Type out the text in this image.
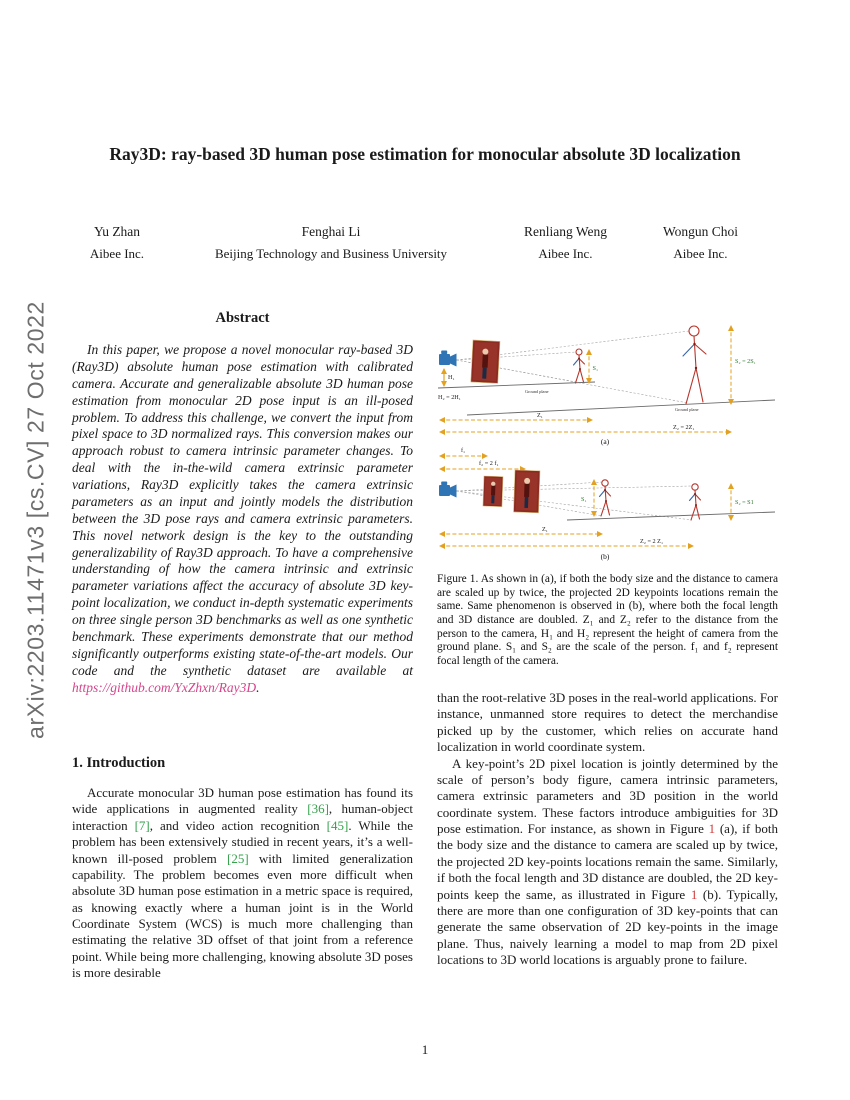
arXiv:2203.11471v3 [cs.CV] 27 Oct 2022
Ray3D: ray-based 3D human pose estimation for monocular absolute 3D localization
Yu Zhan
Aibee Inc.
Fenghai Li
Beijing Technology and Business University
Renliang Weng
Aibee Inc.
Wongun Choi
Aibee Inc.
Abstract

In this paper, we propose a novel monocular ray-based 3D (Ray3D) absolute human pose estimation with calibrated camera. Accurate and generalizable absolute 3D human pose estimation from monocular 2D pose input is an ill-posed problem. To address this challenge, we convert the input from pixel space to 3D normalized rays. This conversion makes our approach robust to camera intrinsic parameter changes. To deal with the in-the-wild camera extrinsic parameter variations, Ray3D explicitly takes the camera extrinsic parameters as an input and jointly models the distribution between the 3D pose rays and camera extrinsic parameters. This novel network design is the key to the outstanding generalizability of Ray3D approach. To have a comprehensive understanding of how the camera intrinsic and extrinsic parameter variations affect the accuracy of absolute 3D key-point localization, we conduct in-depth systematic experiments on three single person 3D benchmarks as well as one synthetic benchmark. These experiments demonstrate that our method significantly outperforms existing state-of-the-art models. Our code and the synthetic dataset are available at https://github.com/YxZhxn/Ray3D.

1. Introduction

Accurate monocular 3D human pose estimation has found its wide applications in augmented reality [36], human-object interaction [7], and video action recognition [45]. While the problem has been extensively studied in recent years, it’s a well-known ill-posed problem [25] with limited generalization capability. The problem becomes even more difficult when absolute 3D human pose estimation in a metric space is required, as knowing exactly where a human joint is in the World Coordinate System (WCS) is much more challenging than estimating the relative 3D offset of that joint from a reference point. While being more challenging, knowing absolute 3D poses is more desirable

Ground plane
Ground plane
H₁
H₂ = 2H₁
S₁
S₂ = 2S₁
Z₁
Z₂ = 2Z₁
(a)
f₁
f₂ = 2 f₁
S₁	S₂ = S1
Z₁
Z₂ = 2 Z₁
(b)
Figure 1. As shown in (a), if both the body size and the distance to camera are scaled up by twice, the projected 2D keypoints locations remain the same. Same phenomenon is observed in (b), where both the focal length and 3D distance are doubled. Z₁ and Z₂ refer to the distance from the person to the camera, H₁ and H₂ represent the height of camera from the ground plane. S₁ and S₂ are the scale of the person. f₁ and f₂ represent focal length of the camera.

than the root-relative 3D poses in the real-world applications. For instance, unmanned store requires to detect the merchandise picked up by the customer, which relies on accurate hand localization in world coordinate system.

A key-point’s 2D pixel location is jointly determined by the scale of person’s body figure, camera intrinsic parameters, camera extrinsic parameters and 3D position in the world coordinate system. These factors introduce ambiguities for 3D pose estimation. For instance, as shown in Figure 1 (a), if both the body size and the distance to camera are scaled up by twice, the projected 2D key-points locations remain the same. Similarly, if both the focal length and 3D distance are doubled, the 2D key-points keep the same, as illustrated in Figure 1 (b). Typically, there are more than one configuration of 3D key-points that can generate the same observation of 2D key-points in the image plane. Thus, naively learning a model to map from 2D pixel locations to 3D world locations is arguably prone to failure.

1
